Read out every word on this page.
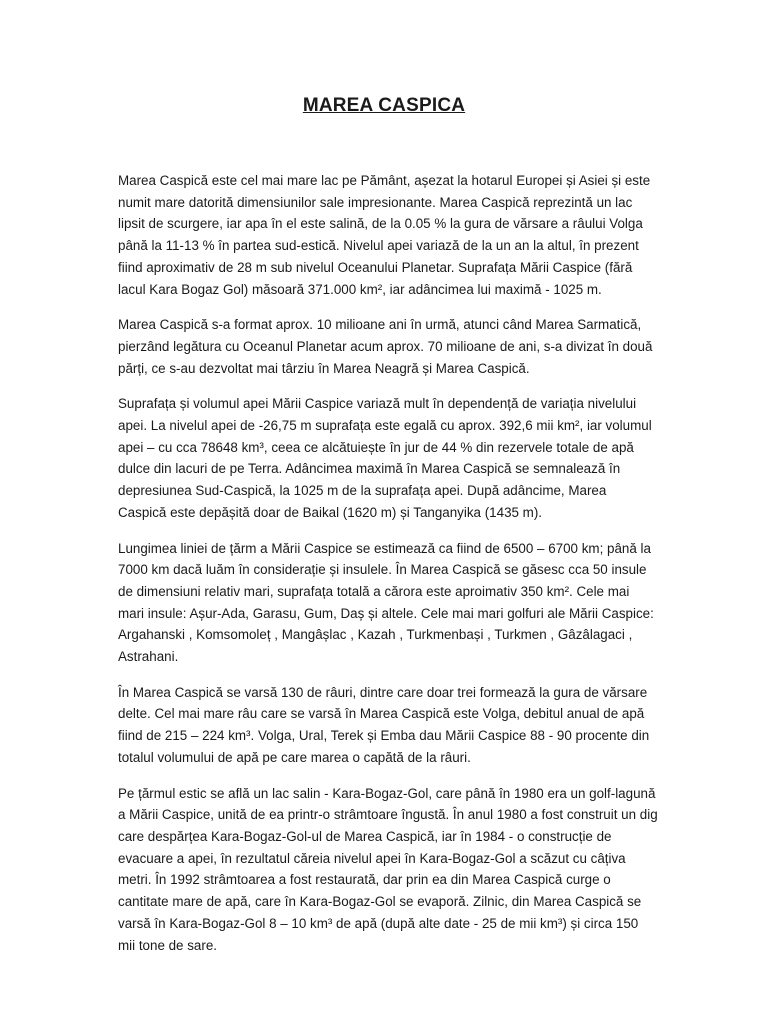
MAREA CASPICA

Marea Caspică este cel mai mare lac pe Pământ, așezat la hotarul Europei și Asiei și este numit mare datorită dimensiunilor sale impresionante. Marea Caspică reprezintă un lac lipsit de scurgere, iar apa în el este salină, de la 0.05 % la gura de vărsare a râului Volga până la 11-13 % în partea sud-estică. Nivelul apei variază de la un an la altul, în prezent fiind aproximativ de 28 m sub nivelul Oceanului Planetar. Suprafața Mării Caspice (fără lacul Kara Bogaz Gol) măsoară 371.000 km², iar adâncimea lui maximă - 1025 m.

Marea Caspică s-a format aprox. 10 milioane ani în urmă, atunci când Marea Sarmatică, pierzând legătura cu Oceanul Planetar acum aprox. 70 milioane de ani, s-a divizat în două părți, ce s-au dezvoltat mai târziu în Marea Neagră și Marea Caspică.

Suprafața și volumul apei Mării Caspice variază mult în dependență de variația nivelului apei. La nivelul apei de -26,75 m suprafața este egală cu aprox. 392,6 mii km², iar volumul apei – cu cca 78648 km³, ceea ce alcătuiește în jur de 44 % din rezervele totale de apă dulce din lacuri de pe Terra. Adâncimea maximă în Marea Caspică se semnalează în depresiunea Sud-Caspică, la 1025 m de la suprafața apei. După adâncime, Marea Caspică este depășită doar de Baikal (1620 m) și Tanganyika (1435 m).

Lungimea liniei de țărm a Mării Caspice se estimează ca fiind de 6500 – 6700 km; până la 7000 km dacă luăm în considerație și insulele. În Marea Caspică se găsesc cca 50 insule de dimensiuni relativ mari, suprafața totală a cărora este aproimativ 350 km². Cele mai mari insule: Așur-Ada, Garasu, Gum, Daș și altele. Cele mai mari golfuri ale Mării Caspice: Argahanski , Komsomoleț , Mangâșlac , Kazah , Turkmenbași , Turkmen , Gâzâlagaci , Astrahani.

În Marea Caspică se varsă 130 de râuri, dintre care doar trei formează la gura de vărsare delte. Cel mai mare râu care se varsă în Marea Caspică este Volga, debitul anual de apă fiind de 215 – 224 km³. Volga, Ural, Terek și Emba dau Mării Caspice 88 - 90 procente din totalul volumului de apă pe care marea o capătă de la râuri.

Pe țărmul estic se află un lac salin - Kara-Bogaz-Gol, care până în 1980 era un golf-lagună a Mării Caspice, unită de ea printr-o strâmtoare îngustă. În anul 1980 a fost construit un dig care despărțea Kara-Bogaz-Gol-ul de Marea Caspică, iar în 1984 - o construcție de evacuare a apei, în rezultatul căreia nivelul apei în Kara-Bogaz-Gol a scăzut cu câțiva metri. În 1992 strâmtoarea a fost restaurată, dar prin ea din Marea Caspică curge o cantitate mare de apă, care în Kara-Bogaz-Gol se evaporă. Zilnic, din Marea Caspică se varsă în Kara-Bogaz-Gol 8 – 10 km³ de apă (după alte date - 25 de mii km³) și circa 150 mii tone de sare.
